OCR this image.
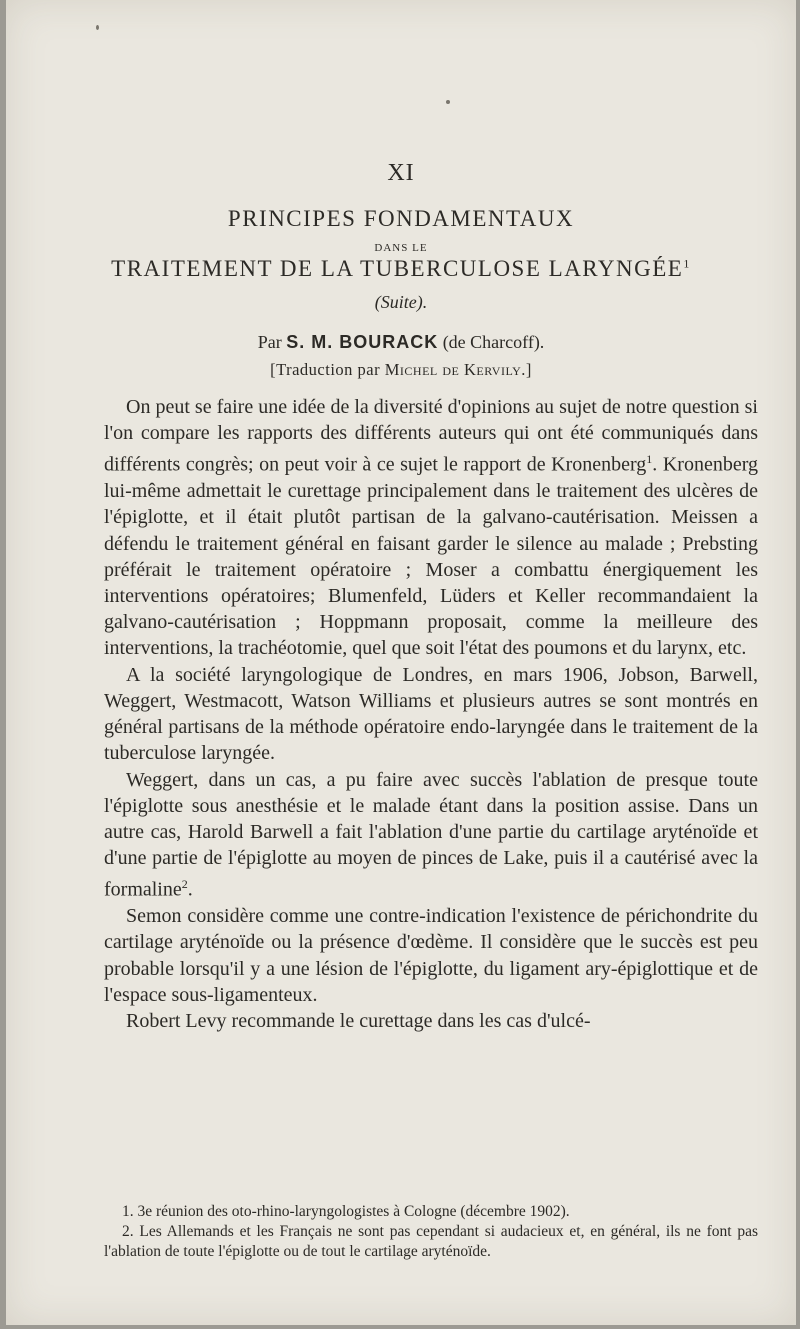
XI
PRINCIPES FONDAMENTAUX
DANS LE
TRAITEMENT DE LA TUBERCULOSE LARYNGÉE$^1$
(Suite).
Par S. M. BOURACK (de Charcoff).
[Traduction par Michel de Kervily.]

On peut se faire une idée de la diversité d'opinions au sujet de notre question si l'on compare les rapports des différents auteurs qui ont été communiqués dans différents congrès; on peut voir à ce sujet le rapport de Kronenberg$^1$. Kronenberg lui-même admettait le curettage principalement dans le traitement des ulcères de l'épiglotte, et il était plutôt partisan de la galvano-cautérisation. Meissen a défendu le traitement général en faisant garder le silence au malade ; Prebsting préférait le traitement opératoire ; Moser a combattu énergiquement les interventions opératoires; Blumenfeld, Lüders et Keller recommandaient la galvano-cautérisation ; Hoppmann proposait, comme la meilleure des interventions, la trachéotomie, quel que soit l'état des poumons et du larynx, etc.

A la société laryngologique de Londres, en mars 1906, Jobson, Barwell, Weggert, Westmacott, Watson Williams et plusieurs autres se sont montrés en général partisans de la méthode opératoire endo-laryngée dans le traitement de la tuberculose laryngée.

Weggert, dans un cas, a pu faire avec succès l'ablation de presque toute l'épiglotte sous anesthésie et le malade étant dans la position assise. Dans un autre cas, Harold Barwell a fait l'ablation d'une partie du cartilage aryténoïde et d'une partie de l'épiglotte au moyen de pinces de Lake, puis il a cautérisé avec la formaline$^2$.

Semon considère comme une contre-indication l'existence de périchondrite du cartilage aryténoïde ou la présence d'œdème. Il considère que le succès est peu probable lorsqu'il y a une lésion de l'épiglotte, du ligament ary-épiglottique et de l'espace sous-ligamenteux.

Robert Levy recommande le curettage dans les cas d'ulcé-

1. 3e réunion des oto-rhino-laryngologistes à Cologne (décembre 1902).

2. Les Allemands et les Français ne sont pas cependant si audacieux et, en général, ils ne font pas l'ablation de toute l'épiglotte ou de tout le cartilage aryténoïde.
